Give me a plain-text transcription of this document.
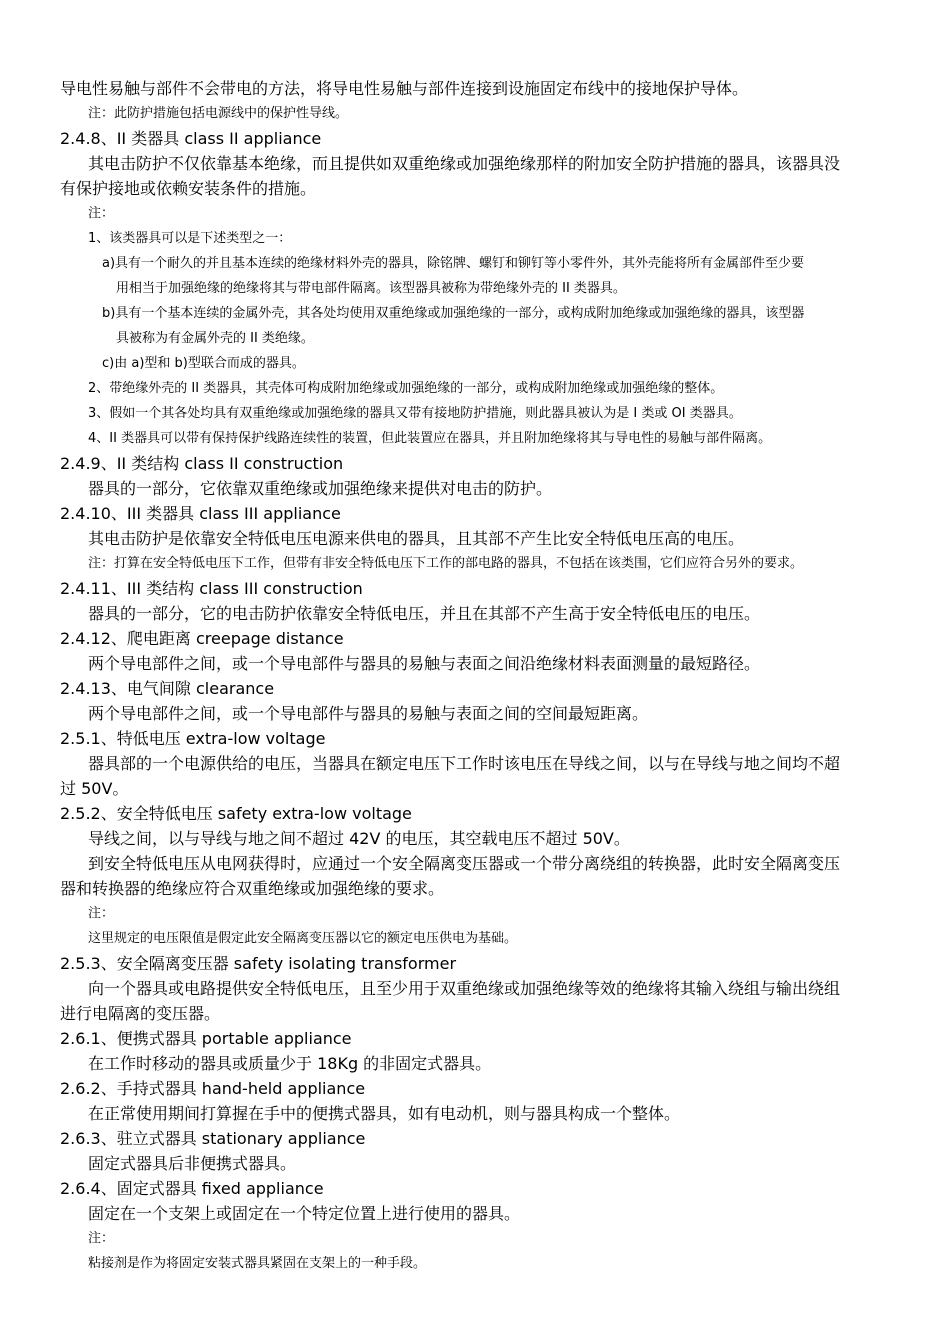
导电性易触与部件不会带电的方法，将导电性易触与部件连接到设施固定布线中的接地保护导体。

注：此防护措施包括电源线中的保护性导线。

2.4.8、II 类器具 class II appliance

其电击防护不仅依靠基本绝缘，而且提供如双重绝缘或加强绝缘那样的附加安全防护措施的器具，该器具没

有保护接地或依赖安装条件的措施。

注：

1、该类器具可以是下述类型之一：

a)具有一个耐久的并且基本连续的绝缘材料外壳的器具，除铭牌、螺钉和铆钉等小零件外，其外壳能将所有金属部件至少要

用相当于加强绝缘的绝缘将其与带电部件隔离。该型器具被称为带绝缘外壳的 II 类器具。

b)具有一个基本连续的金属外壳，其各处均使用双重绝缘或加强绝缘的一部分，或构成附加绝缘或加强绝缘的器具，该型器

具被称为有金属外壳的 II 类绝缘。

c)由 a)型和 b)型联合而成的器具。

2、带绝缘外壳的 II 类器具，其壳体可构成附加绝缘或加强绝缘的一部分，或构成附加绝缘或加强绝缘的整体。

3、假如一个其各处均具有双重绝缘或加强绝缘的器具又带有接地防护措施，则此器具被认为是 I 类或 OI 类器具。

4、II 类器具可以带有保持保护线路连续性的装置，但此装置应在器具，并且附加绝缘将其与导电性的易触与部件隔离。

2.4.9、II 类结构 class II construction

器具的一部分，它依靠双重绝缘或加强绝缘来提供对电击的防护。

2.4.10、III 类器具 class III appliance

其电击防护是依靠安全特低电压电源来供电的器具，且其部不产生比安全特低电压高的电压。

注：打算在安全特低电压下工作，但带有非安全特低电压下工作的部电路的器具，不包括在该类围，它们应符合另外的要求。

2.4.11、III 类结构 class III construction

器具的一部分，它的电击防护依靠安全特低电压，并且在其部不产生高于安全特低电压的电压。

2.4.12、爬电距离 creepage distance

两个导电部件之间，或一个导电部件与器具的易触与表面之间沿绝缘材料表面测量的最短路径。

2.4.13、电气间隙 clearance

两个导电部件之间，或一个导电部件与器具的易触与表面之间的空间最短距离。

2.5.1、特低电压 extra-low voltage

器具部的一个电源供给的电压，当器具在额定电压下工作时该电压在导线之间，以与在导线与地之间均不超

过 50V。

2.5.2、安全特低电压 safety extra-low voltage

导线之间，以与导线与地之间不超过 42V 的电压，其空载电压不超过 50V。

到安全特低电压从电网获得时，应通过一个安全隔离变压器或一个带分离绕组的转换器，此时安全隔离变压

器和转换器的绝缘应符合双重绝缘或加强绝缘的要求。

注：

这里规定的电压限值是假定此安全隔离变压器以它的额定电压供电为基础。

2.5.3、安全隔离变压器 safety isolating transformer

向一个器具或电路提供安全特低电压，且至少用于双重绝缘或加强绝缘等效的绝缘将其输入绕组与输出绕组

进行电隔离的变压器。

2.6.1、便携式器具 portable appliance

在工作时移动的器具或质量少于 18Kg 的非固定式器具。

2.6.2、手持式器具 hand-held appliance

在正常使用期间打算握在手中的便携式器具，如有电动机，则与器具构成一个整体。

2.6.3、驻立式器具 stationary appliance

固定式器具后非便携式器具。

2.6.4、固定式器具 fixed appliance

固定在一个支架上或固定在一个特定位置上进行使用的器具。

注：

粘接剂是作为将固定安装式器具紧固在支架上的一种手段。
